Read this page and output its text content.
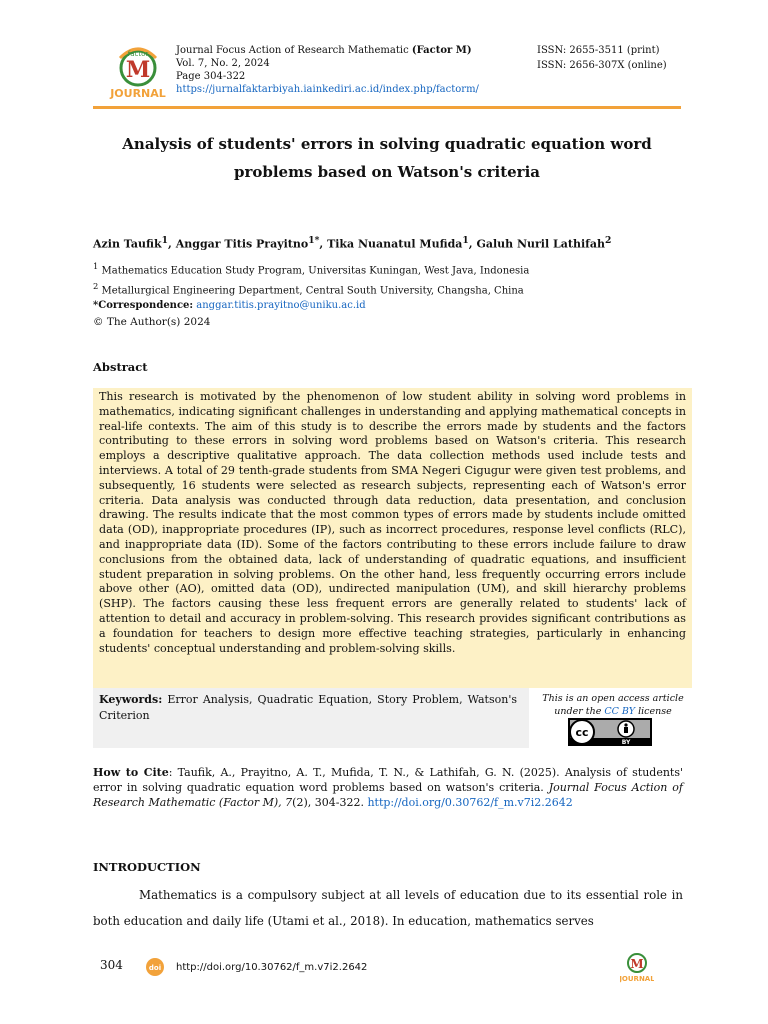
factor
M
JOURNAL
Journal Focus Action of Research Mathematic (Factor M)
Vol. 7, No. 2, 2024
Page 304-322
https://jurnalfaktarbiyah.iainkediri.ac.id/index.php/factorm/
ISSN: 2655-3511 (print)
ISSN: 2656-307X (online)
Analysis of students' errors in solving quadratic equation word
problems based on Watson's criteria
Azin Taufik$^1$, Anggar Titis Prayitno$^{1*}$, Tika Nuanatul Mufida$^1$, Galuh Nuril Lathifah$^2$
$^1$ Mathematics Education Study Program, Universitas Kuningan, West Java, Indonesia
$^2$ Metallurgical Engineering Department, Central South University, Changsha, China
*Correspondence: anggar.titis.prayitno@uniku.ac.id
© The Author(s) 2024
Abstract
This research is motivated by the phenomenon of low student ability in solving word problems in mathematics, indicating significant challenges in understanding and applying mathematical concepts in real-life contexts. The aim of this study is to describe the errors made by students and the factors contributing to these errors in solving word problems based on Watson's criteria. This research employs a descriptive qualitative approach. The data collection methods used include tests and interviews. A total of 29 tenth-grade students from SMA Negeri Cigugur were given test problems, and subsequently, 16 students were selected as research subjects, representing each of Watson's error criteria. Data analysis was conducted through data reduction, data presentation, and conclusion drawing. The results indicate that the most common types of errors made by students include omitted data (OD), inappropriate procedures (IP), such as incorrect procedures, response level conflicts (RLC), and inappropriate data (ID). Some of the factors contributing to these errors include failure to draw conclusions from the obtained data, lack of understanding of quadratic equations, and insufficient student preparation in solving problems. On the other hand, less frequently occurring errors include above other (AO), omitted data (OD), undirected manipulation (UM), and skill hierarchy problems (SHP). The factors causing these less frequent errors are generally related to students' lack of attention to detail and accuracy in problem-solving. This research provides significant contributions as a foundation for teachers to design more effective teaching strategies, particularly in enhancing students' conceptual understanding and problem-solving skills.
Keywords: Error Analysis, Quadratic Equation, Story Problem, Watson's Criterion
This is an open access article
under the CC BY license
cc
BY
How to Cite: Taufik, A., Prayitno, A. T., Mufida, T. N., & Lathifah, G. N. (2025). Analysis of students' error in solving quadratic equation word problems based on watson's criteria. Journal Focus Action of Research Mathematic (Factor M), 7(2), 304-322. http://doi.org/0.30762/f_m.v7i2.2642
INTRODUCTION
Mathematics is a compulsory subject at all levels of education due to its essential role in both education and daily life (Utami et al., 2018). In education, mathematics serves
304	doi http://doi.org/10.30762/f_m.v7i2.2642	M
JOURNAL
